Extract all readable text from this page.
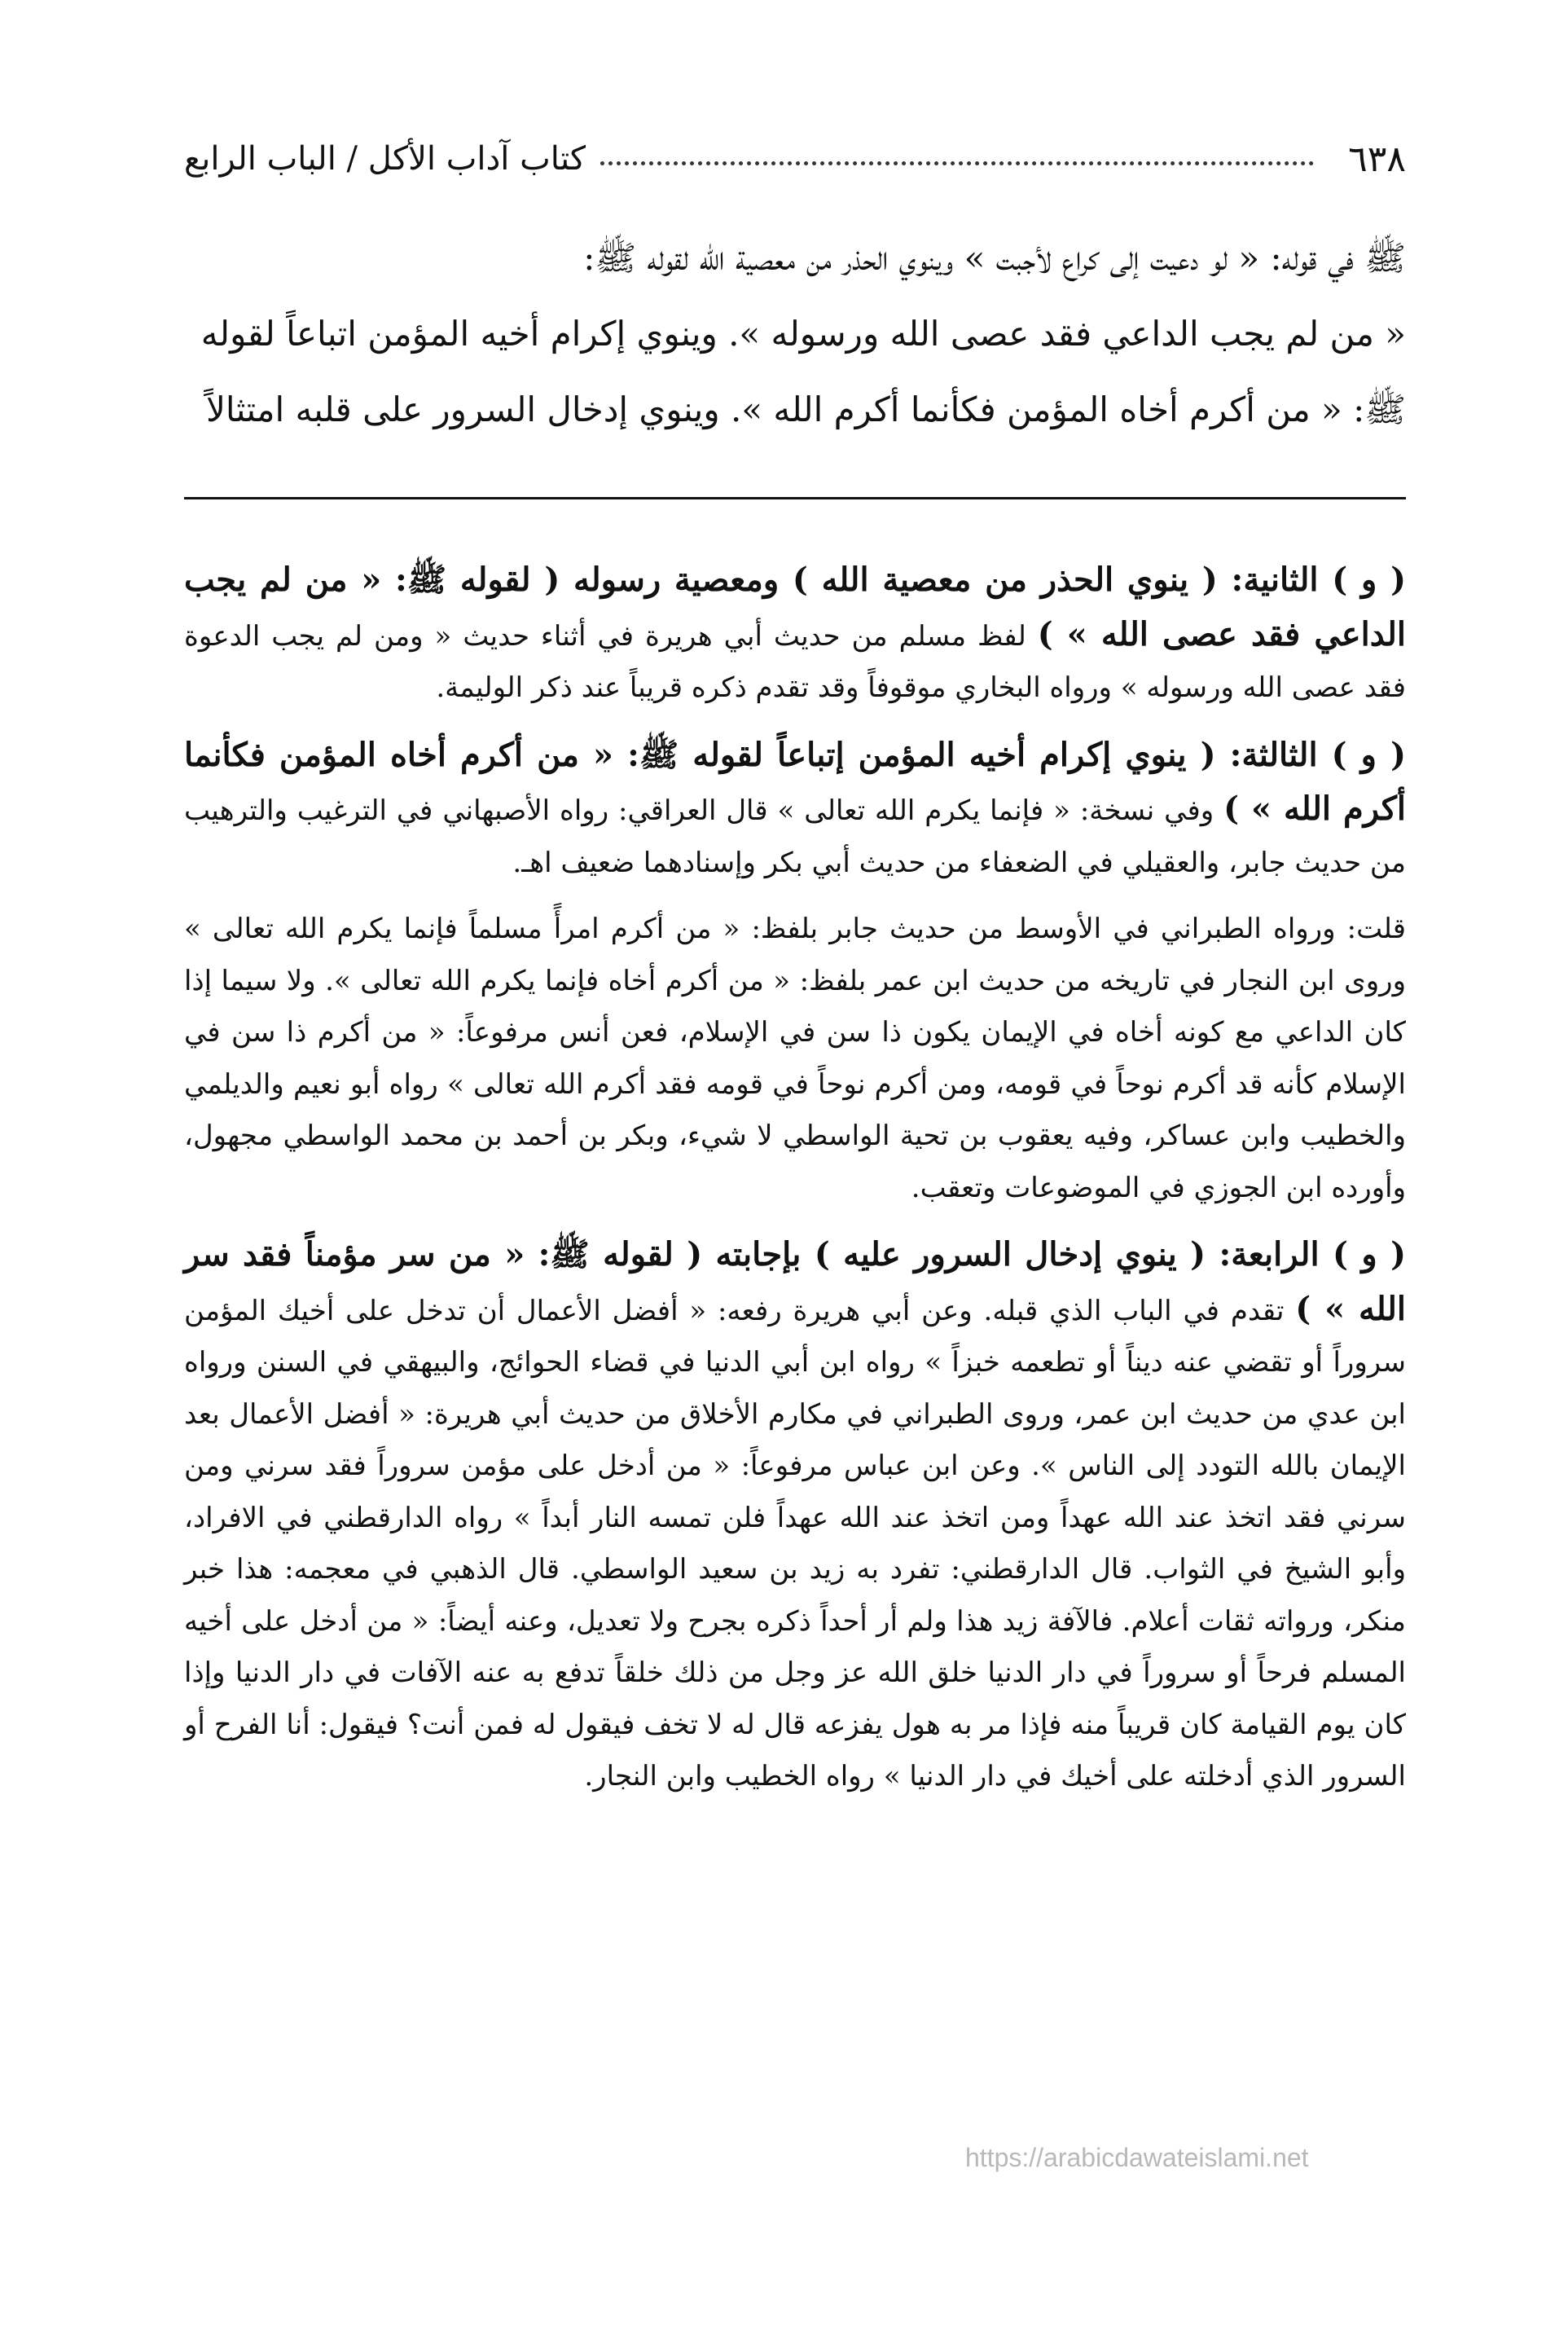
٦٣٨
كتاب آداب الأكل / الباب الرابع
ﷺ في قوله: « لو دعيت إلى كراع لأجبت » وينوي الحذر من معصية الله لقوله ﷺ:
« من لم يجب الداعي فقد عصى الله ورسوله ». وينوي إكرام أخيه المؤمن اتباعاً لقوله
ﷺ: « من أكرم أخاه المؤمن فكأنما أكرم الله ». وينوي إدخال السرور على قلبه امتثالاً

( و ) الثانية: ( ينوي الحذر من معصية الله ) ومعصية رسوله ( لقوله ﷺ: « من لم يجب الداعي فقد عصى الله » ) لفظ مسلم من حديث أبي هريرة في أثناء حديث « ومن لم يجب الدعوة فقد عصى الله ورسوله » ورواه البخاري موقوفاً وقد تقدم ذكره قريباً عند ذكر الوليمة.

( و ) الثالثة: ( ينوي إكرام أخيه المؤمن إتباعاً لقوله ﷺ: « من أكرم أخاه المؤمن فكأنما أكرم الله » ) وفي نسخة: « فإنما يكرم الله تعالى » قال العراقي: رواه الأصبهاني في الترغيب والترهيب من حديث جابر، والعقيلي في الضعفاء من حديث أبي بكر وإسنادهما ضعيف اهـ.

قلت: ورواه الطبراني في الأوسط من حديث جابر بلفظ: « من أكرم امرأً مسلماً فإنما يكرم الله تعالى » وروى ابن النجار في تاريخه من حديث ابن عمر بلفظ: « من أكرم أخاه فإنما يكرم الله تعالى ». ولا سيما إذا كان الداعي مع كونه أخاه في الإيمان يكون ذا سن في الإسلام، فعن أنس مرفوعاً: « من أكرم ذا سن في الإسلام كأنه قد أكرم نوحاً في قومه، ومن أكرم نوحاً في قومه فقد أكرم الله تعالى » رواه أبو نعيم والديلمي والخطيب وابن عساكر، وفيه يعقوب بن تحية الواسطي لا شيء، وبكر بن أحمد بن محمد الواسطي مجهول، وأورده ابن الجوزي في الموضوعات وتعقب.

( و ) الرابعة: ( ينوي إدخال السرور عليه ) بإجابته ( لقوله ﷺ: « من سر مؤمناً فقد سر الله » ) تقدم في الباب الذي قبله. وعن أبي هريرة رفعه: « أفضل الأعمال أن تدخل على أخيك المؤمن سروراً أو تقضي عنه ديناً أو تطعمه خبزاً » رواه ابن أبي الدنيا في قضاء الحوائج، والبيهقي في السنن ورواه ابن عدي من حديث ابن عمر، وروى الطبراني في مكارم الأخلاق من حديث أبي هريرة: « أفضل الأعمال بعد الإيمان بالله التودد إلى الناس ». وعن ابن عباس مرفوعاً: « من أدخل على مؤمن سروراً فقد سرني ومن سرني فقد اتخذ عند الله عهداً ومن اتخذ عند الله عهداً فلن تمسه النار أبداً » رواه الدارقطني في الافراد، وأبو الشيخ في الثواب. قال الدارقطني: تفرد به زيد بن سعيد الواسطي. قال الذهبي في معجمه: هذا خبر منكر، ورواته ثقات أعلام. فالآفة زيد هذا ولم أر أحداً ذكره بجرح ولا تعديل، وعنه أيضاً: « من أدخل على أخيه المسلم فرحاً أو سروراً في دار الدنيا خلق الله عز وجل من ذلك خلقاً تدفع به عنه الآفات في دار الدنيا وإذا كان يوم القيامة كان قريباً منه فإذا مر به هول يفزعه قال له لا تخف فيقول له فمن أنت؟ فيقول: أنا الفرح أو السرور الذي أدخلته على أخيك في دار الدنيا » رواه الخطيب وابن النجار.

https://arabicdawateislami.net
